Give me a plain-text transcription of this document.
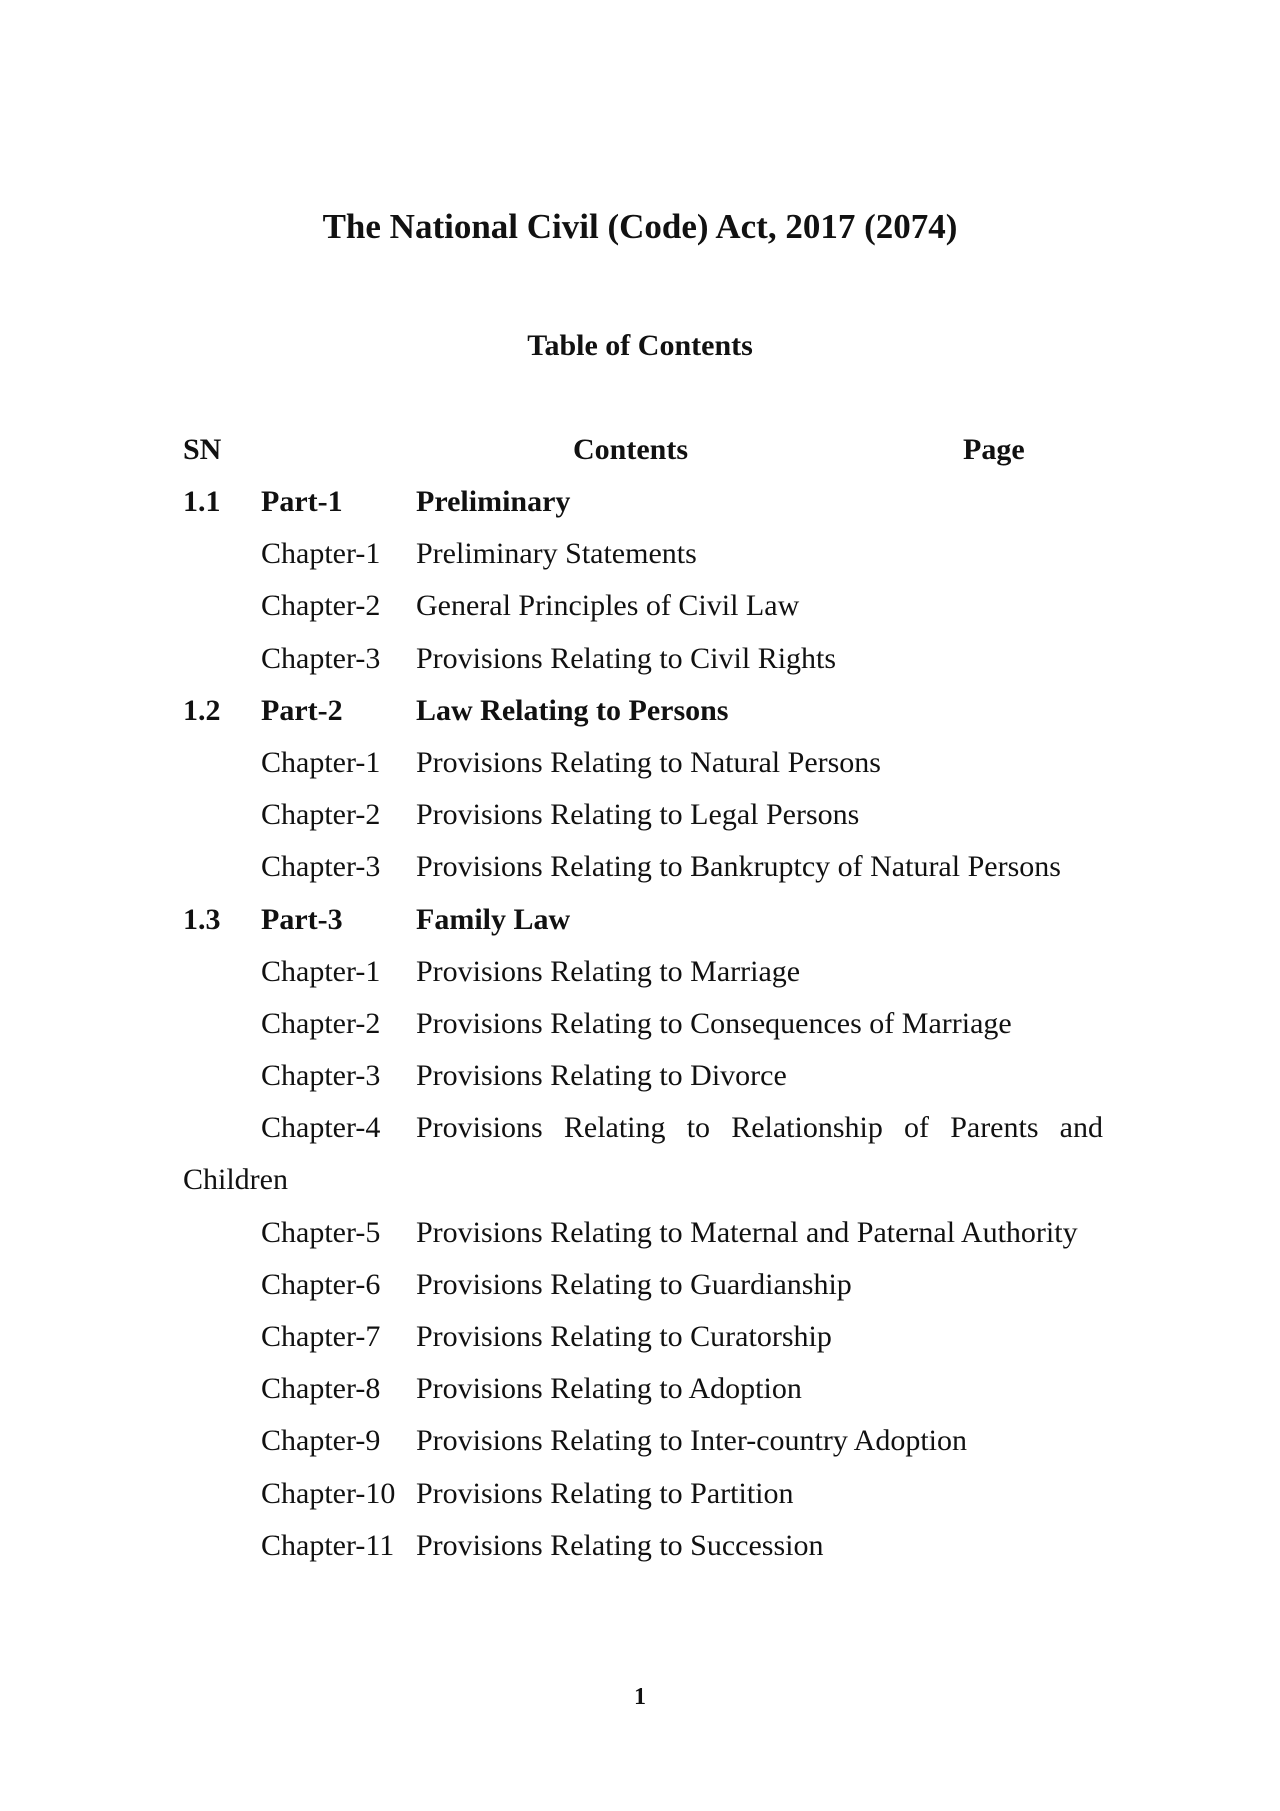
The National Civil (Code) Act, 2017 (2074)
Table of Contents
SN	Contents	Page
1.1 Part-1 Preliminary
Chapter-1 Preliminary Statements
Chapter-2 General Principles of Civil Law
Chapter-3 Provisions Relating to Civil Rights
1.2 Part-2 Law Relating to Persons
Chapter-1 Provisions Relating to Natural Persons
Chapter-2 Provisions Relating to Legal Persons
Chapter-3 Provisions Relating to Bankruptcy of Natural Persons
1.3 Part-3 Family Law
Chapter-1 Provisions Relating to Marriage
Chapter-2 Provisions Relating to Consequences of Marriage
Chapter-3 Provisions Relating to Divorce
Chapter-4 Provisions Relating to Relationship of Parents and
Children
Chapter-5 Provisions Relating to Maternal and Paternal Authority
Chapter-6 Provisions Relating to Guardianship
Chapter-7 Provisions Relating to Curatorship
Chapter-8 Provisions Relating to Adoption
Chapter-9 Provisions Relating to Inter-country Adoption
Chapter-10 Provisions Relating to Partition
Chapter-11 Provisions Relating to Succession
1
